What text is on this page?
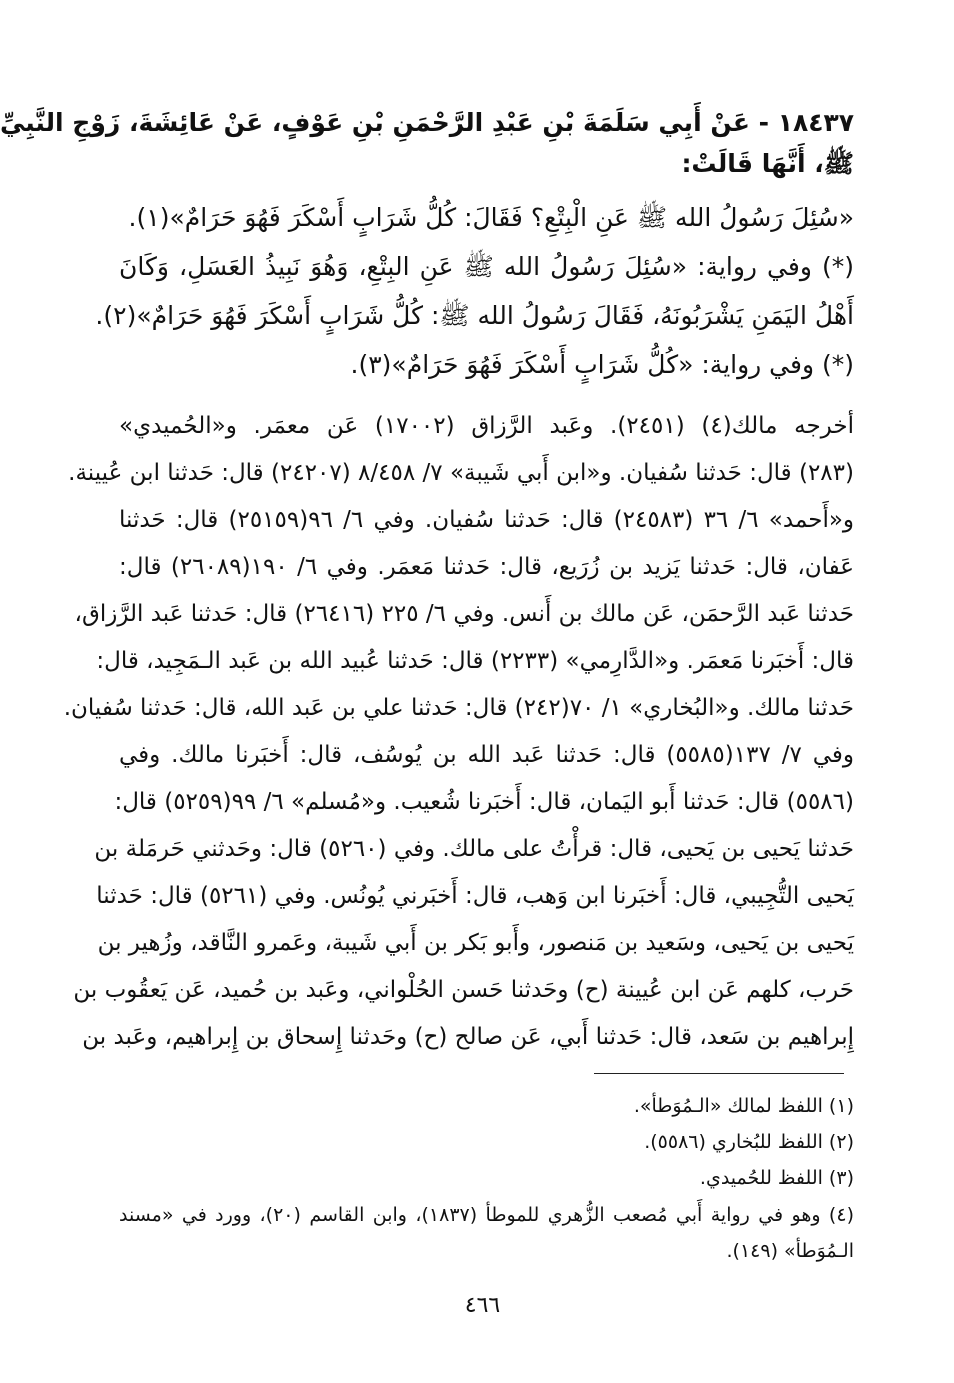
١٨٤٣٧ - عَنْ أَبِي سَلَمَةَ بْنِ عَبْدِ الرَّحْمَنِ بْنِ عَوْفٍ، عَنْ عَائِشَةَ، زَوْجِ النَّبِيِّ
ﷺ، أَنَّهَا قَالَتْ:
«سُئِلَ رَسُولُ الله ﷺ عَنِ الْبِتْعِ؟ فَقَالَ: كُلُّ شَرَابٍ أَسْكَرَ فَهُوَ حَرَامٌ»(١).
(*) وفي رواية: «سُئِلَ رَسُولُ الله ﷺ عَنِ البِتْعِ، وَهُوَ نَبِيذُ العَسَلِ، وَكَانَ
أَهْلُ اليَمَنِ يَشْرَبُونَهُ، فَقَالَ رَسُولُ الله ﷺ: كُلُّ شَرَابٍ أَسْكَرَ فَهُوَ حَرَامٌ»(٢).
(*) وفي رواية: «كُلُّ شَرَابٍ أَسْكَرَ فَهُوَ حَرَامٌ»(٣).
أخرجه مالك(٤) (٢٤٥١). وعَبد الرَّزاق (١٧٠٠٢) عَن معمَر. و«الحُميدي»
(٢٨٣) قال: حَدثنا سُفيان. و«ابن أَبي شَيبة» ٧/ ٨/٤٥٨ (٢٤٢٠٧) قال: حَدثنا ابن عُيينة.
و«أَحمد» ٦/ ٣٦ (٢٤٥٨٣) قال: حَدثنا سُفيان. وفي ٦/ ٩٦(٢٥١٥٩) قال: حَدثنا
عَفان، قال: حَدثنا يَزيد بن زُرَيع، قال: حَدثنا مَعمَر. وفي ٦/ ١٩٠(٢٦٠٨٩) قال:
حَدثنا عَبد الرَّحمَن، عَن مالك بن أَنس. وفي ٦/ ٢٢٥ (٢٦٤١٦) قال: حَدثنا عَبد الرَّزاق،
قال: أَخبَرنا مَعمَر. و«الدَّارِمي» (٢٢٣٣) قال: حَدثنا عُبيد الله بن عَبد الـمَجِيد، قال:
حَدثنا مالك. و«البُخاري» ١/ ٧٠(٢٤٢) قال: حَدثنا علي بن عَبد الله، قال: حَدثنا سُفيان.
وفي ٧/ ١٣٧(٥٥٨٥) قال: حَدثنا عَبد الله بن يُوسُف، قال: أَخبَرنا مالك. وفي
(٥٥٨٦) قال: حَدثنا أَبو اليَمان، قال: أَخبَرنا شُعيب. و«مُسلم» ٦/ ٩٩(٥٢٥٩) قال:
حَدثنا يَحيى بن يَحيى، قال: قرأْتُ على مالك. وفي (٥٢٦٠) قال: وحَدثني حَرمَلة بن
يَحيى التُّجِيبي، قال: أَخبَرنا ابن وَهب، قال: أَخبَرني يُونُس. وفي (٥٢٦١) قال: حَدثنا
يَحيى بن يَحيى، وسَعيد بن مَنصور، وأَبو بَكر بن أَبي شَيبة، وعَمرو النَّاقد، وزُهير بن
حَرب، كلهم عَن ابن عُيينة (ح) وحَدثنا حَسن الحُلْواني، وعَبد بن حُميد، عَن يَعقُوب بن
إِبراهيم بن سَعد، قال: حَدثنا أَبي، عَن صالح (ح) وحَدثنا إِسحاق بن إِبراهيم، وعَبد بن
(١) اللفظ لمالك «الـمُوَطأ».
(٢) اللفظ للبُخاري (٥٥٨٦).
(٣) اللفظ للحُميدي.
(٤) وهو في رواية أَبي مُصعب الزُّهري للموطأ (١٨٣٧)، وابن القاسم (٢٠)، وورد في «مسند
الـمُوَطأ» (١٤٩).
٤٦٦
